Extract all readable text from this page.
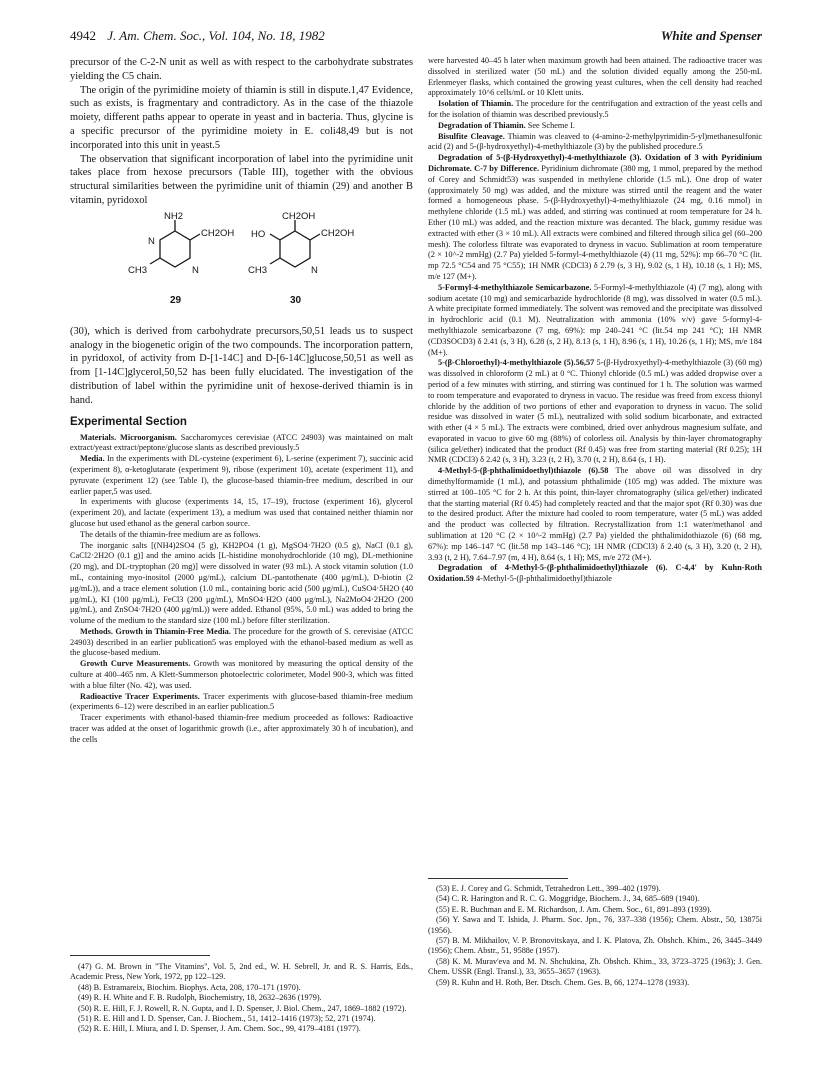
4942 J. Am. Chem. Soc., Vol. 104, No. 18, 1982	White and Spenser

precursor of the C-2-N unit as well as with respect to the carbohydrate substrates yielding the C5 chain.

The origin of the pyrimidine moiety of thiamin is still in dispute.1,47 Evidence, such as exists, is fragmentary and contradictory. As in the case of the thiazole moiety, different paths appear to operate in yeast and in bacteria. Thus, glycine is a specific precursor of the pyrimidine moiety in E. coli48,49 but is not incorporated into this unit in yeast.5

The observation that significant incorporation of label into the pyrimidine unit takes place from hexose precursors (Table III), together with the obvious structural similarities between the pyrimidine unit of thiamin (29) and another B vitamin, pyridoxol

NH2
CH2OH
N
N
CH3
29
CH2OH
HO	CH2OH
N
CH3
30

(30), which is derived from carbohydrate precursors,50,51 leads us to suspect analogy in the biogenetic origin of the two compounds. The incorporation pattern, in pyridoxol, of activity from D-[1-14C] and D-[6-14C]glucose,50,51 as well as from [1-14C]glycerol,50,52 has been fully elucidated. The investigation of the distribution of label within the pyrimidine unit of hexose-derived thiamin is in hand.

Experimental Section

Materials. Microorganism. Saccharomyces cerevisiae (ATCC 24903) was maintained on malt extract/yeast extract/peptone/glucose slants as described previously.5

Media. In the experiments with DL-cysteine (experiment 6), L-serine (experiment 7), succinic acid (experiment 8), α-ketoglutarate (experiment 9), ribose (experiment 10), acetate (experiment 11), and pyruvate (experiment 12) (see Table I), the glucose-based thiamin-free medium, described in our earlier paper,5 was used.

In experiments with glucose (experiments 14, 15, 17–19), fructose (experiment 16), glycerol (experiment 20), and lactate (experiment 13), a medium was used that contained neither thiamin nor glucose but used ethanol as the general carbon source.

The details of the thiamin-free medium are as follows.

The inorganic salts [(NH4)2SO4 (5 g), KH2PO4 (1 g), MgSO4·7H2O (0.5 g), NaCl (0.1 g), CaCl2·2H2O (0.1 g)] and the amino acids [L-histidine monohydrochloride (10 mg), DL-methionine (20 mg), and DL-tryptophan (20 mg)] were dissolved in water (93 mL). A stock vitamin solution (1.0 mL, containing myo-inositol (2000 μg/mL), calcium DL-pantothenate (400 μg/mL), D-biotin (2 μg/mL)), and a trace element solution (1.0 mL, containing boric acid (500 μg/mL), CuSO4·5H2O (40 μg/mL), KI (100 μg/mL), FeCl3 (200 μg/mL), MnSO4·H2O (400 μg/mL), Na2MoO4·2H2O (200 μg/mL), and ZnSO4·7H2O (400 μg/mL)) were added. Ethanol (95%, 5.0 mL) was added to bring the volume of the medium to the standard size (100 mL) before filter sterilization.

Methods. Growth in Thiamin-Free Media. The procedure for the growth of S. cerevisiae (ATCC 24903) described in an earlier publication5 was employed with the ethanol-based medium as well as the glucose-based medium.

Growth Curve Measurements. Growth was monitored by measuring the optical density of the culture at 400–465 nm. A Klett-Summerson photoelectric colorimeter, Model 900-3, which was fitted with a blue filter (No. 42), was used.

Radioactive Tracer Experiments. Tracer experiments with glucose-based thiamin-free medium (experiments 6–12) were described in an earlier publication.5

Tracer experiments with ethanol-based thiamin-free medium proceeded as follows: Radioactive tracer was added at the onset of logarithmic growth (i.e., after approximately 30 h of incubation), and the cells

were harvested 40–45 h later when maximum growth had been attained. The radioactive tracer was dissolved in sterilized water (50 mL) and the solution divided equally among the 250-mL Erlenmeyer flasks, which contained the growing yeast cultures, when the cell density had reached approximately 10^6 cells/mL or 10 Klett units.

Isolation of Thiamin. The procedure for the centrifugation and extraction of the yeast cells and for the isolation of thiamin was described previously.5

Degradation of Thiamin. See Scheme I.

Bisulfite Cleavage. Thiamin was cleaved to (4-amino-2-methylpyrimidin-5-yl)methanesulfonic acid (2) and 5-(β-hydroxyethyl)-4-methylthiazole (3) by the published procedure.5

Degradation of 5-(β-Hydroxyethyl)-4-methylthiazole (3). Oxidation of 3 with Pyridinium Dichromate. C-7 by Difference. Pyridinium dichromate (380 mg, 1 mmol, prepared by the method of Corey and Schmidt53) was suspended in methylene chloride (1.5 mL). One drop of water (approximately 50 mg) was added, and the mixture was stirred until the reagent and the water formed a homogeneous phase. 5-(β-Hydroxyethyl)-4-methylthiazole (24 mg, 0.16 mmol) in methylene chloride (1.5 mL) was added, and stirring was continued at room temperature for 24 h. Ether (10 mL) was added, and the reaction mixture was decanted. The black, gummy residue was extracted with ether (3 × 10 mL). All extracts were combined and filtered through silica gel (60–200 mesh). The colorless filtrate was evaporated to dryness in vacuo. Sublimation at room temperature (2 × 10^-2 mmHg) (2.7 Pa) yielded 5-formyl-4-methylthiazole (4) (11 mg, 52%): mp 66–70 °C (lit. mp 72.5 °C54 and 75 °C55); 1H NMR (CDCl3) δ 2.79 (s, 3 H), 9.02 (s, 1 H), 10.18 (s, 1 H); MS, m/e 127 (M+).

5-Formyl-4-methylthiazole Semicarbazone. 5-Formyl-4-methylthiazole (4) (7 mg), along with sodium acetate (10 mg) and semicarbazide hydrochloride (8 mg), was dissolved in water (0.5 mL). A white precipitate formed immediately. The solvent was removed and the precipitate was dissolved in hydrochloric acid (0.1 M). Neutralization with ammonia (10% v/v) gave 5-formyl-4-methylthiazole semicarbazone (7 mg, 69%): mp 240–241 °C (lit.54 mp 241 °C); 1H NMR (CD3SOCD3) δ 2.41 (s, 3 H), 6.28 (s, 2 H), 8.13 (s, 1 H), 8.96 (s, 1 H), 10.26 (s, 1 H); MS, m/e 184 (M+).

5-(β-Chloroethyl)-4-methylthiazole (5).56,57 5-(β-Hydroxyethyl)-4-methylthiazole (3) (60 mg) was dissolved in chloroform (2 mL) at 0 °C. Thionyl chloride (0.5 mL) was added dropwise over a period of a few minutes with stirring, and stirring was continued for 1 h. The solution was warmed to room temperature and evaporated to dryness in vacuo. The residue was freed from excess thionyl chloride by the addition of two portions of ether and evaporation to dryness in vacuo. The solid residue was dissolved in water (5 mL), neutralized with solid sodium bicarbonate, and extracted with ether (4 × 5 mL). The extracts were combined, dried over anhydrous magnesium sulfate, and evaporated in vacuo to give 60 mg (88%) of colorless oil. Analysis by thin-layer chromatography (silica gel/ether) indicated that the product (Rf 0.45) was free from starting material (Rf 0.25); 1H NMR (CDCl3) δ 2.42 (s, 3 H), 3.23 (t, 2 H), 3.70 (t, 2 H), 8.64 (s, 1 H).

4-Methyl-5-(β-phthalimidoethyl)thiazole (6).58 The above oil was dissolved in dry dimethylformamide (1 mL), and potassium phthalimide (105 mg) was added. The mixture was stirred at 100–105 °C for 2 h. At this point, thin-layer chromatography (silica gel/ether) indicated that the starting material (Rf 0.45) had completely reacted and that the major spot (Rf 0.30) was due to the desired product. After the mixture had cooled to room temperature, water (5 mL) was added and the product was collected by filtration. Recrystallization from 1:1 water/methanol and sublimation at 120 °C (2 × 10^-2 mmHg) (2.7 Pa) yielded the phthalimidothiazole (6) (68 mg, 67%): mp 146–147 °C (lit.58 mp 143–146 °C); 1H NMR (CDCl3) δ 2.40 (s, 3 H), 3.20 (t, 2 H), 3.93 (t, 2 H), 7.64–7.97 (m, 4 H), 8.64 (s, 1 H); MS, m/e 272 (M+).

Degradation of 4-Methyl-5-(β-phthalimidoethyl)thiazole (6). C-4,4′ by Kuhn-Roth Oxidation.59 4-Methyl-5-(β-phthalimidoethyl)thiazole

(47) G. M. Brown in "The Vitamins", Vol. 5, 2nd ed., W. H. Sebrell, Jr. and R. S. Harris, Eds., Academic Press, New York, 1972, pp 122–129.

(48) B. Estramareix, Biochim. Biophys. Acta, 208, 170–171 (1970).

(49) R. H. White and F. B. Rudolph, Biochemistry, 18, 2632–2636 (1979).

(50) R. E. Hill, F. J. Rowell, R. N. Gupta, and I. D. Spenser, J. Biol. Chem., 247, 1869–1882 (1972).

(51) R. E. Hill and I. D. Spenser, Can. J. Biochem., 51, 1412–1416 (1973); 52, 271 (1974).

(52) R. E. Hill, I. Miura, and I. D. Spenser, J. Am. Chem. Soc., 99, 4179–4181 (1977).

(53) E. J. Corey and G. Schmidt, Tetrahedron Lett., 399–402 (1979).

(54) C. R. Harington and R. C. G. Moggridge, Biochem. J., 34, 685–689 (1940).

(55) E. R. Buchman and E. M. Richardson, J. Am. Chem. Soc., 61, 891–893 (1939).

(56) Y. Sawa and T. Ishida, J. Pharm. Soc. Jpn., 76, 337–338 (1956); Chem. Abstr., 50, 13875i (1956).

(57) B. M. Mikhailov, V. P. Bronovitskaya, and I. K. Platova, Zh. Obshch. Khim., 26, 3445–3449 (1956); Chem. Abstr., 51, 9588e (1957).

(58) K. M. Murav'eva and M. N. Shchukina, Zh. Obshch. Khim., 33, 3723–3725 (1963); J. Gen. Chem. USSR (Engl. Transl.), 33, 3655–3657 (1963).

(59) R. Kuhn and H. Roth, Ber. Dtsch. Chem. Ges. B, 66, 1274–1278 (1933).
